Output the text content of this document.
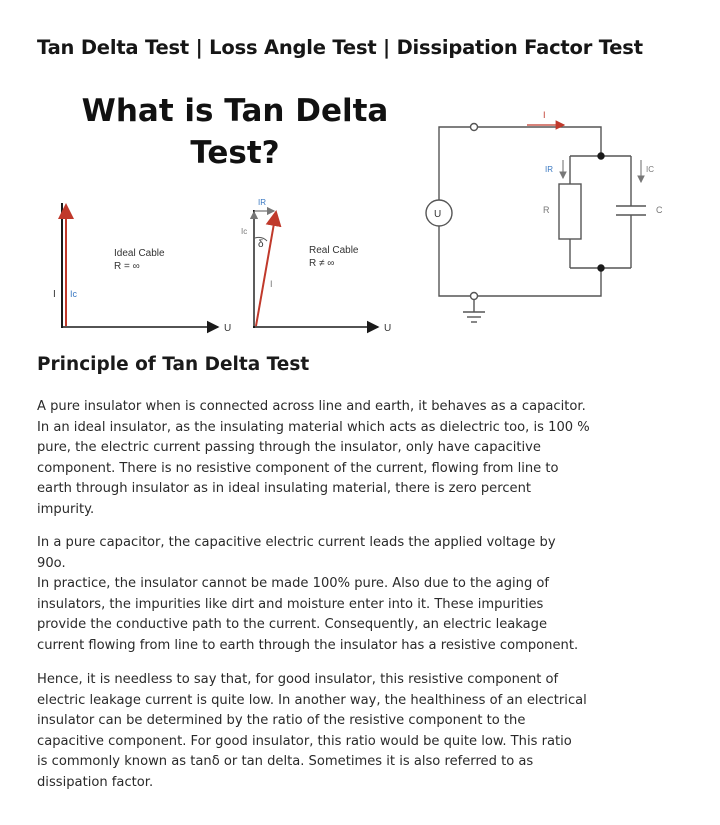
Tan Delta Test | Loss Angle Test | Dissipation Factor Test
What is Tan Delta
Test?
I Ic
Ideal Cable
R = ∞
U
IR
Ic
δ
I
Real Cable
R ≠ ∞
U
U
I
IR	IC
R	C
Principle of Tan Delta Test

A pure insulator when is connected across line and earth, it behaves as a capacitor.
In an ideal insulator, as the insulating material which acts as dielectric too, is 100 %
pure, the electric current passing through the insulator, only have capacitive
component. There is no resistive component of the current, flowing from line to
earth through insulator as in ideal insulating material, there is zero percent
impurity.

In a pure capacitor, the capacitive electric current leads the applied voltage by
90o.
In practice, the insulator cannot be made 100% pure. Also due to the aging of
insulators, the impurities like dirt and moisture enter into it. These impurities
provide the conductive path to the current. Consequently, an electric leakage
current flowing from line to earth through the insulator has a resistive component.

Hence, it is needless to say that, for good insulator, this resistive component of
electric leakage current is quite low. In another way, the healthiness of an electrical
insulator can be determined by the ratio of the resistive component to the
capacitive component. For good insulator, this ratio would be quite low. This ratio
is commonly known as tanδ or tan delta. Sometimes it is also referred to as
dissipation factor.
